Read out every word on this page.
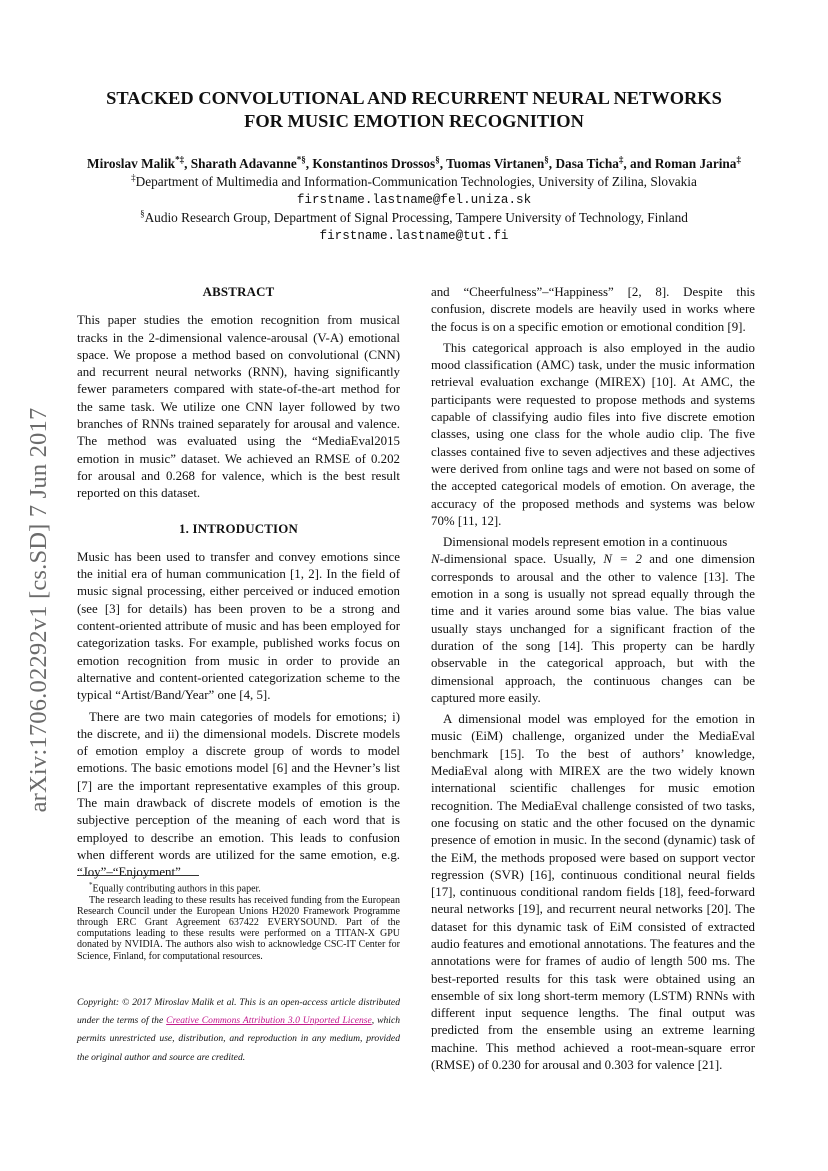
arXiv:1706.02292v1 [cs.SD] 7 Jun 2017
STACKED CONVOLUTIONAL AND RECURRENT NEURAL NETWORKS
FOR MUSIC EMOTION RECOGNITION
Miroslav Malik*‡, Sharath Adavanne*§, Konstantinos Drossos§, Tuomas Virtanen§, Dasa Ticha‡, and Roman Jarina‡
‡Department of Multimedia and Information-Communication Technologies, University of Zilina, Slovakia
firstname.lastname@fel.uniza.sk
§Audio Research Group, Department of Signal Processing, Tampere University of Technology, Finland
firstname.lastname@tut.fi
ABSTRACT

This paper studies the emotion recognition from musical tracks in the 2-dimensional valence-arousal (V-A) emotional space. We propose a method based on convolutional (CNN) and recurrent neural networks (RNN), having significantly fewer parameters compared with state-of-the-art method for the same task. We utilize one CNN layer followed by two branches of RNNs trained separately for arousal and valence. The method was evaluated using the “MediaEval2015 emotion in music” dataset. We achieved an RMSE of 0.202 for arousal and 0.268 for valence, which is the best result reported on this dataset.

1. INTRODUCTION

Music has been used to transfer and convey emotions since the initial era of human communication [1, 2]. In the field of music signal processing, either perceived or induced emotion (see [3] for details) has been proven to be a strong and content-oriented attribute of music and has been employed for categorization tasks. For example, published works focus on emotion recognition from music in order to provide an alternative and content-oriented categorization scheme to the typical “Artist/Band/Year” one [4, 5].

There are two main categories of models for emotions; i) the discrete, and ii) the dimensional models. Discrete models of emotion employ a discrete group of words to model emotions. The basic emotions model [6] and the Hevner’s list [7] are the important representative examples of this group. The main drawback of discrete models of emotion is the subjective perception of the meaning of each word that is employed to describe an emotion. This leads to confusion when different words are utilized for the same emotion, e.g. “Joy”–“Enjoyment”

*Equally contributing authors in this paper.

The research leading to these results has received funding from the European Research Council under the European Unions H2020 Framework Programme through ERC Grant Agreement 637422 EVERYSOUND. Part of the computations leading to these results were performed on a TITAN-X GPU donated by NVIDIA. The authors also wish to acknowledge CSC-IT Center for Science, Finland, for computational resources.

Copyright: © 2017 Miroslav Malik et al. This is an open-access article distributed under the terms of the Creative Commons Attribution 3.0 Unported License, which permits unrestricted use, distribution, and reproduction in any medium, provided the original author and source are credited.

and “Cheerfulness”–“Happiness” [2, 8]. Despite this confusion, discrete models are heavily used in works where the focus is on a specific emotion or emotional condition [9].

This categorical approach is also employed in the audio mood classification (AMC) task, under the music information retrieval evaluation exchange (MIREX) [10]. At AMC, the participants were requested to propose methods and systems capable of classifying audio files into five discrete emotion classes, using one class for the whole audio clip. The five classes contained five to seven adjectives and these adjectives were derived from online tags and were not based on some of the accepted categorical models of emotion. On average, the accuracy of the proposed methods and systems was below 70% [11, 12].

Dimensional models represent emotion in a continuous
N-dimensional space. Usually, N = 2 and one dimension corresponds to arousal and the other to valence [13]. The emotion in a song is usually not spread equally through the time and it varies around some bias value. The bias value usually stays unchanged for a significant fraction of the duration of the song [14]. This property can be hardly observable in the categorical approach, but with the dimensional approach, the continuous changes can be captured more easily.

A dimensional model was employed for the emotion in music (EiM) challenge, organized under the MediaEval benchmark [15]. To the best of authors’ knowledge, MediaEval along with MIREX are the two widely known international scientific challenges for music emotion recognition. The MediaEval challenge consisted of two tasks, one focusing on static and the other focused on the dynamic presence of emotion in music. In the second (dynamic) task of the EiM, the methods proposed were based on support vector regression (SVR) [16], continuous conditional neural fields [17], continuous conditional random fields [18], feed-forward neural networks [19], and recurrent neural networks [20]. The dataset for this dynamic task of EiM consisted of extracted audio features and emotional annotations. The features and the annotations were for frames of audio of length 500 ms. The best-reported results for this task were obtained using an ensemble of six long short-term memory (LSTM) RNNs with different input sequence lengths. The final output was predicted from the ensemble using an extreme learning machine. This method achieved a root-mean-square error (RMSE) of 0.230 for arousal and 0.303 for valence [21].
